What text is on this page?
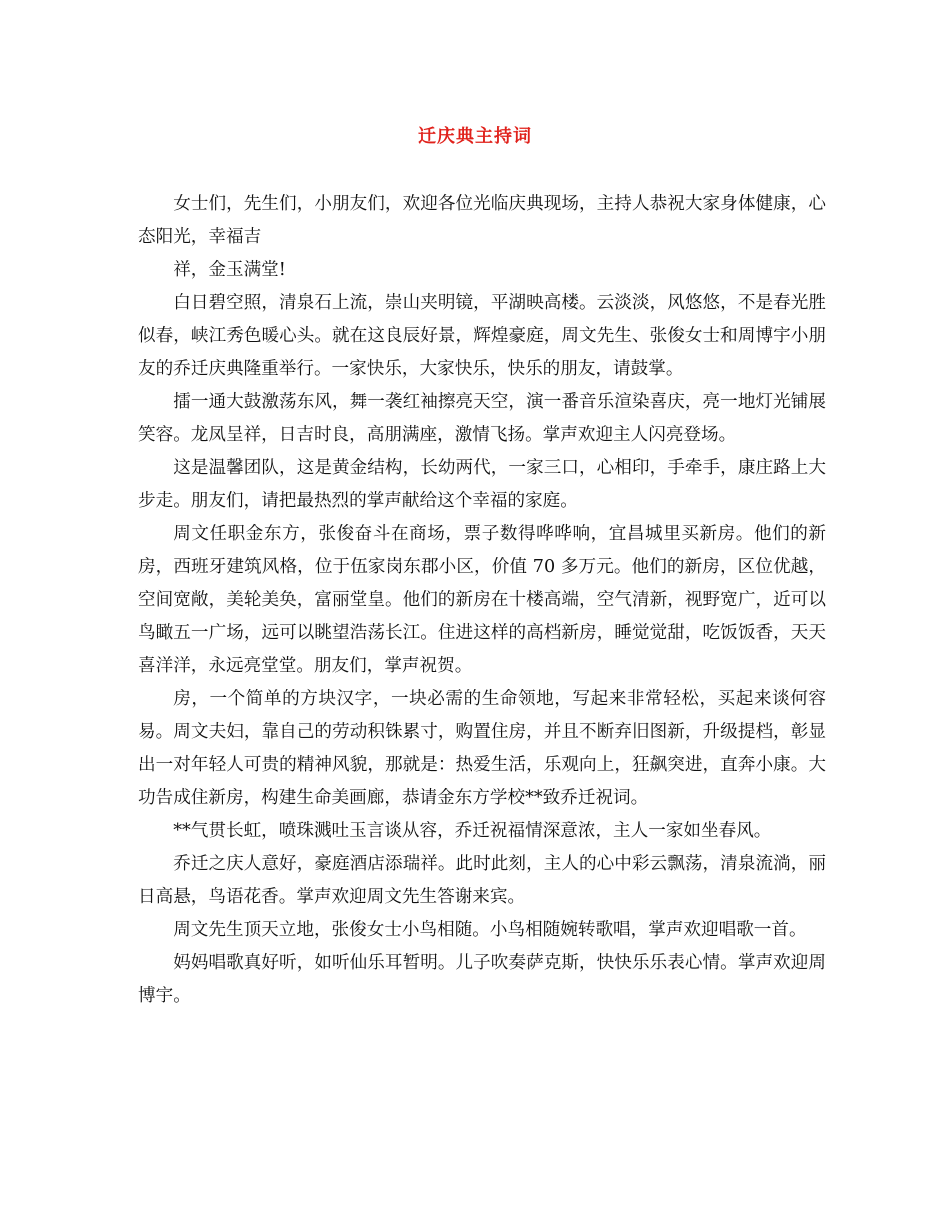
迁庆典主持词

女士们，先生们，小朋友们，欢迎各位光临庆典现场，主持人恭祝大家身体健康，心态阳光，幸福吉

祥，金玉满堂!

白日碧空照，清泉石上流，崇山夹明镜，平湖映高楼。云淡淡，风悠悠，不是春光胜似春，峡江秀色暖心头。就在这良辰好景，辉煌豪庭，周文先生、张俊女士和周博宇小朋友的乔迁庆典隆重举行。一家快乐，大家快乐，快乐的朋友，请鼓掌。

擂一通大鼓激荡东风，舞一袭红袖擦亮天空，演一番音乐渲染喜庆，亮一地灯光铺展笑容。龙凤呈祥，日吉时良，高朋满座，激情飞扬。掌声欢迎主人闪亮登场。

这是温馨团队，这是黄金结构，长幼两代，一家三口，心相印，手牵手，康庄路上大步走。朋友们，请把最热烈的掌声献给这个幸福的家庭。

周文任职金东方，张俊奋斗在商场，票子数得哗哗响，宜昌城里买新房。他们的新房，西班牙建筑风格，位于伍家岗东郡小区，价值 70 多万元。他们的新房，区位优越，空间宽敞，美轮美奂，富丽堂皇。他们的新房在十楼高端，空气清新，视野宽广，近可以鸟瞰五一广场，远可以眺望浩荡长江。住进这样的高档新房，睡觉觉甜，吃饭饭香，天天喜洋洋，永远亮堂堂。朋友们，掌声祝贺。

房，一个简单的方块汉字，一块必需的生命领地，写起来非常轻松，买起来谈何容易。周文夫妇，靠自己的劳动积铢累寸，购置住房，并且不断弃旧图新，升级提档，彰显出一对年轻人可贵的精神风貌，那就是：热爱生活，乐观向上，狂飙突进，直奔小康。大功告成住新房，构建生命美画廊，恭请金东方学校**致乔迁祝词。

**气贯长虹，喷珠溅吐玉言谈从容，乔迁祝福情深意浓，主人一家如坐春风。

乔迁之庆人意好，豪庭酒店添瑞祥。此时此刻，主人的心中彩云飘荡，清泉流淌，丽日高悬，鸟语花香。掌声欢迎周文先生答谢来宾。

周文先生顶天立地，张俊女士小鸟相随。小鸟相随婉转歌唱，掌声欢迎唱歌一首。

妈妈唱歌真好听，如听仙乐耳暂明。儿子吹奏萨克斯，快快乐乐表心情。掌声欢迎周博宇。
